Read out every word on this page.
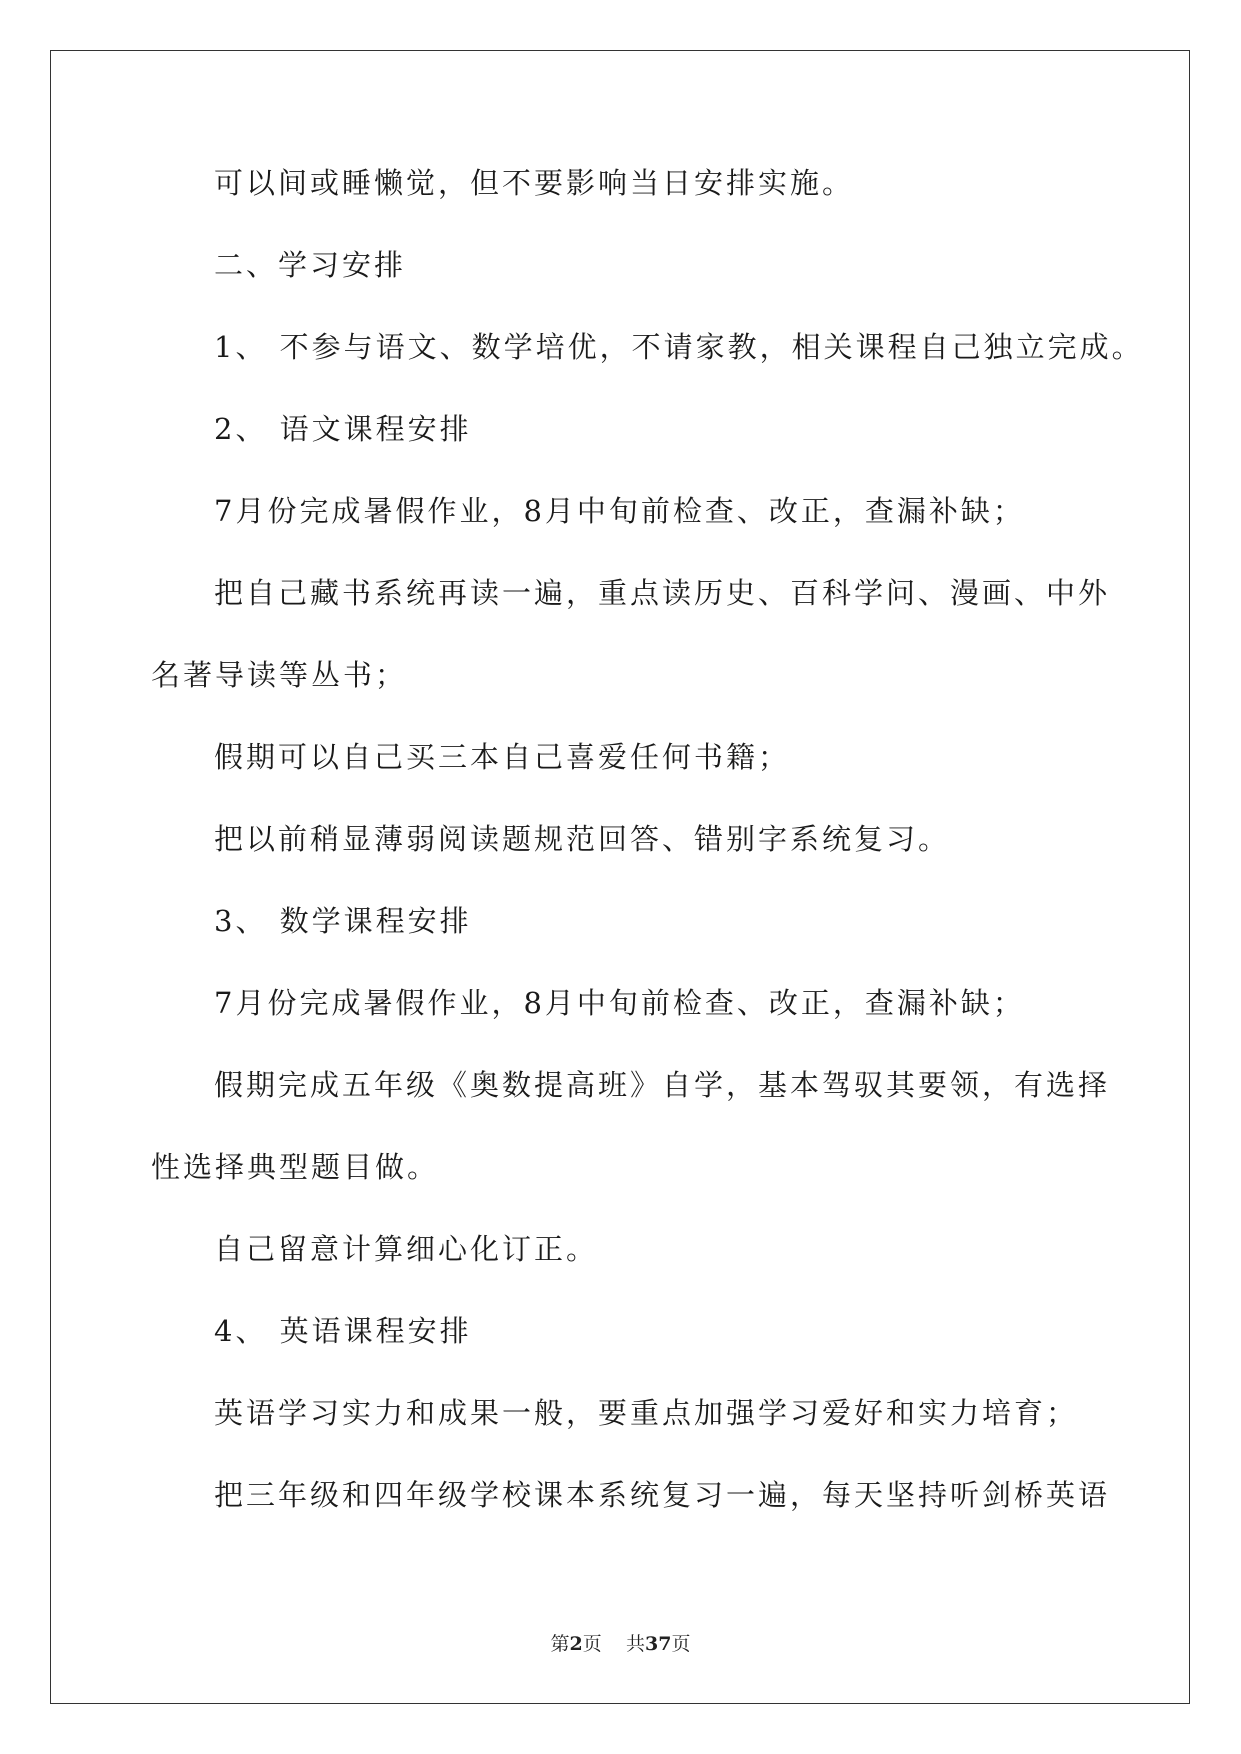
可以间或睡懒觉，但不要影响当日安排实施。
二、学习安排
1、 不参与语文、数学培优，不请家教，相关课程自己独立完成。
2、 语文课程安排
7月份完成暑假作业，8月中旬前检查、改正，查漏补缺；
把自己藏书系统再读一遍，重点读历史、百科学问、漫画、中外
名著导读等丛书；
假期可以自己买三本自己喜爱任何书籍；
把以前稍显薄弱阅读题规范回答、错别字系统复习。
3、 数学课程安排
7月份完成暑假作业，8月中旬前检查、改正，查漏补缺；
假期完成五年级《奥数提高班》自学，基本驾驭其要领，有选择
性选择典型题目做。
自己留意计算细心化订正。
4、 英语课程安排
英语学习实力和成果一般，要重点加强学习爱好和实力培育；
把三年级和四年级学校课本系统复习一遍，每天坚持听剑桥英语
第2页 共37页
